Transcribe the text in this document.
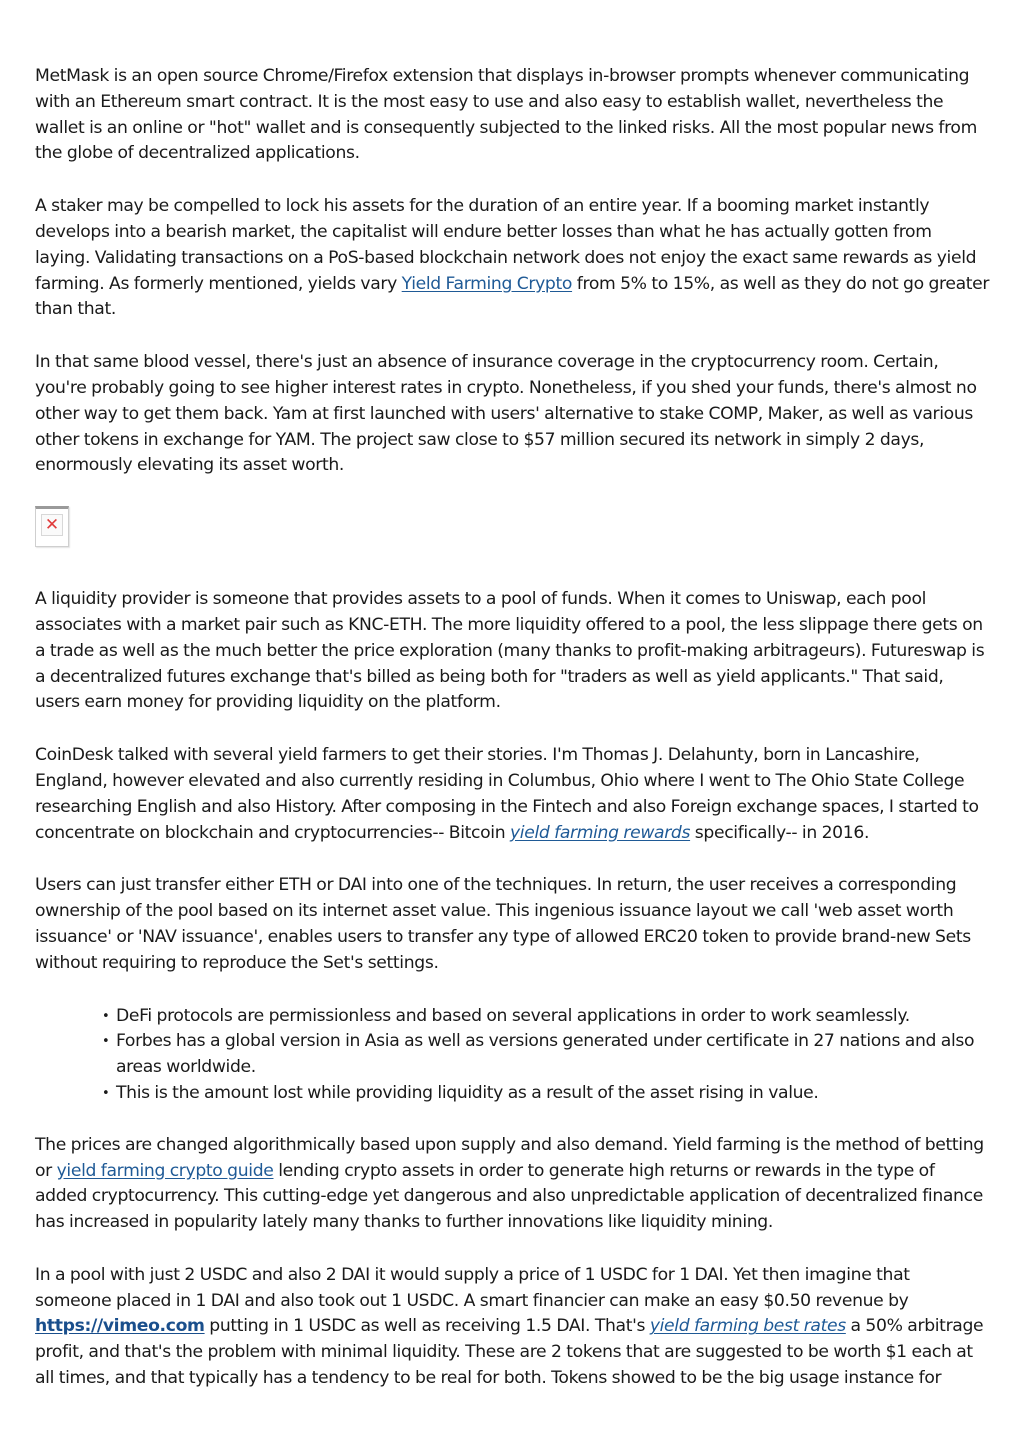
MetMask is an open source Chrome/Firefox extension that displays in-browser prompts whenever communicating with an Ethereum smart contract. It is the most easy to use and also easy to establish wallet, nevertheless the wallet is an online or "hot" wallet and is consequently subjected to the linked risks. All the most popular news from the globe of decentralized applications.

A staker may be compelled to lock his assets for the duration of an entire year. If a booming market instantly develops into a bearish market, the capitalist will endure better losses than what he has actually gotten from laying. Validating transactions on a PoS-based blockchain network does not enjoy the exact same rewards as yield farming. As formerly mentioned, yields vary Yield Farming Crypto from 5% to 15%, as well as they do not go greater than that.

In that same blood vessel, there's just an absence of insurance coverage in the cryptocurrency room. Certain, you're probably going to see higher interest rates in crypto. Nonetheless, if you shed your funds, there's almost no other way to get them back. Yam at first launched with users' alternative to stake COMP, Maker, as well as various other tokens in exchange for YAM. The project saw close to $57 million secured its network in simply 2 days, enormously elevating its asset worth.

✕

A liquidity provider is someone that provides assets to a pool of funds. When it comes to Uniswap, each pool associates with a market pair such as KNC-ETH. The more liquidity offered to a pool, the less slippage there gets on a trade as well as the much better the price exploration (many thanks to profit-making arbitrageurs). Futureswap is a decentralized futures exchange that's billed as being both for "traders as well as yield applicants." That said, users earn money for providing liquidity on the platform.

CoinDesk talked with several yield farmers to get their stories. I'm Thomas J. Delahunty, born in Lancashire, England, however elevated and also currently residing in Columbus, Ohio where I went to The Ohio State College researching English and also History. After composing in the Fintech and also Foreign exchange spaces, I started to concentrate on blockchain and cryptocurrencies-- Bitcoin yield farming rewards specifically-- in 2016.

Users can just transfer either ETH or DAI into one of the techniques. In return, the user receives a corresponding ownership of the pool based on its internet asset value. This ingenious issuance layout we call 'web asset worth issuance' or 'NAV issuance', enables users to transfer any type of allowed ERC20 token to provide brand-new Sets without requiring to reproduce the Set's settings.

• DeFi protocols are permissionless and based on several applications in order to work seamlessly.
• Forbes has a global version in Asia as well as versions generated under certificate in 27 nations and also areas worldwide.
• This is the amount lost while providing liquidity as a result of the asset rising in value.

The prices are changed algorithmically based upon supply and also demand. Yield farming is the method of betting or yield farming crypto guide lending crypto assets in order to generate high returns or rewards in the type of added cryptocurrency. This cutting-edge yet dangerous and also unpredictable application of decentralized finance has increased in popularity lately many thanks to further innovations like liquidity mining.

In a pool with just 2 USDC and also 2 DAI it would supply a price of 1 USDC for 1 DAI. Yet then imagine that someone placed in 1 DAI and also took out 1 USDC. A smart financier can make an easy $0.50 revenue by https://vimeo.com putting in 1 USDC as well as receiving 1.5 DAI. That's yield farming best rates a 50% arbitrage profit, and that's the problem with minimal liquidity. These are 2 tokens that are suggested to be worth $1 each at all times, and that typically has a tendency to be real for both. Tokens showed to be the big usage instance for
